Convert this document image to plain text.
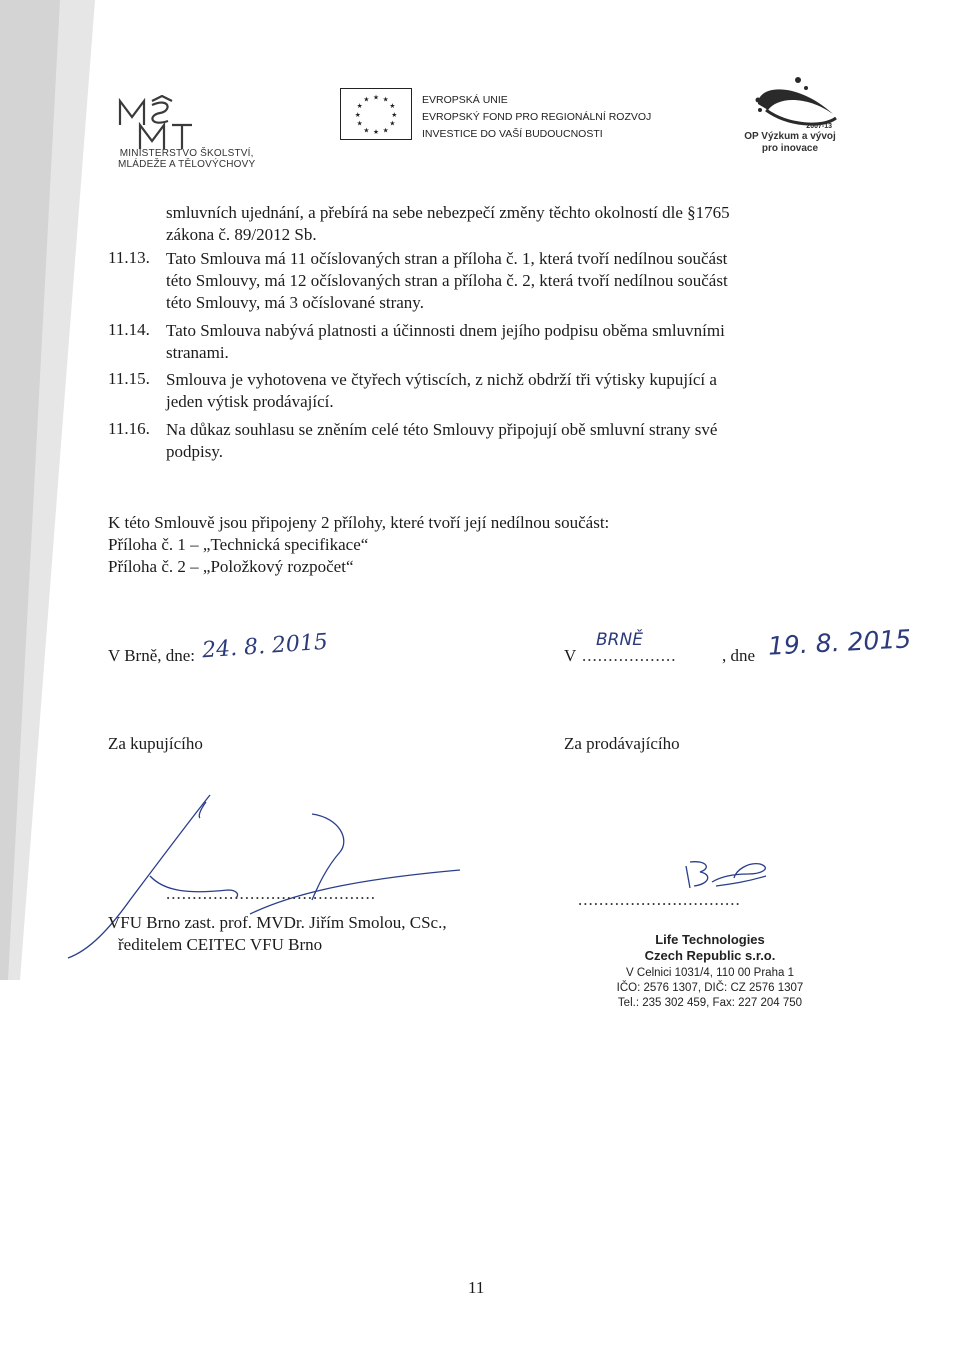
MINISTERSTVO ŠKOLSTVÍ,
MLÁDEŽE A TĚLOVÝCHOVY
★ ★
★
★
★
★
★
★
★
★
★
★	EVROPSKÁ UNIE
EVROPSKÝ FOND PRO REGIONÁLNÍ ROZVOJ
INVESTICE DO VAŠÍ BUDOUCNOSTI
2007-13
OP Výzkum a vývoj
pro inovace
smluvních ujednání, a přebírá na sebe nebezpečí změny těchto okolností dle §1765
zákona č. 89/2012 Sb.
11.13. Tato Smlouva má 11 očíslovaných stran a příloha č. 1, která tvoří nedílnou součást
této Smlouvy, má 12 očíslovaných stran a příloha č. 2, která tvoří nedílnou součást
této Smlouvy, má 3 očíslované strany.
11.14. Tato Smlouva nabývá platnosti a účinnosti dnem jejího podpisu oběma smluvními
stranami.
11.15. Smlouva je vyhotovena ve čtyřech výtiscích, z nichž obdrží tři výtisky kupující a
jeden výtisk prodávající.
11.16. Na důkaz souhlasu se zněním celé této Smlouvy připojují obě smluvní strany své
podpisy.
K této Smlouvě jsou připojeny 2 přílohy, které tvoří její nedílnou součást:
Příloha č. 1 – „Technická specifikace“
Příloha č. 2 – „Položkový rozpočet“
V Brně, dne: 24. 8. 2015	V ..................
BRNĚ
, dne 19. 8. 2015
Za kupujícího	Za prodávajícího
........................................
VFU Brno zast. prof. MVDr. Jiřím Smolou, CSc.,
ředitelem CEITEC VFU Brno
...............................
Life Technologies
Czech Republic s.r.o.
V Celnici 1031/4, 110 00 Praha 1
IČO: 2576 1307, DIČ: CZ 2576 1307
Tel.: 235 302 459, Fax: 227 204 750
11
